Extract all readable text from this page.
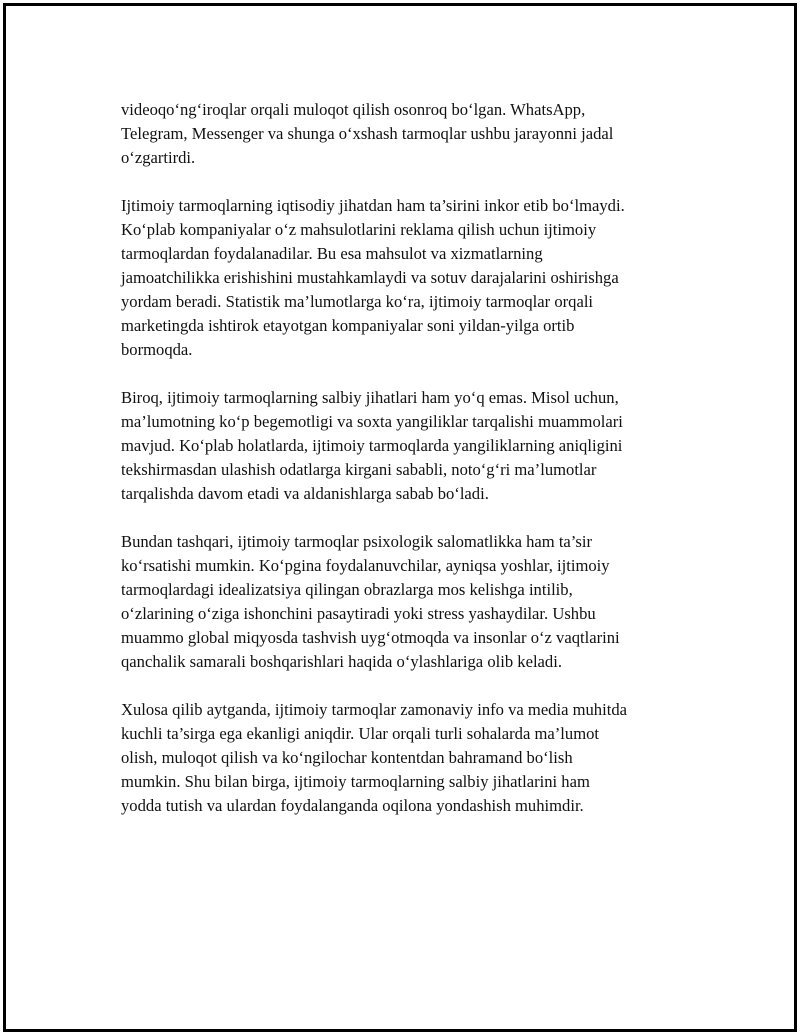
videoqo‘ng‘iroqlar orqali muloqot qilish osonroq bo‘lgan. WhatsApp,
Telegram, Messenger va shunga o‘xshash tarmoqlar ushbu jarayonni jadal
o‘zgartirdi.

Ijtimoiy tarmoqlarning iqtisodiy jihatdan ham ta’sirini inkor etib bo‘lmaydi.
Ko‘plab kompaniyalar o‘z mahsulotlarini reklama qilish uchun ijtimoiy
tarmoqlardan foydalanadilar. Bu esa mahsulot va xizmatlarning
jamoatchilikka erishishini mustahkamlaydi va sotuv darajalarini oshirishga
yordam beradi. Statistik ma’lumotlarga ko‘ra, ijtimoiy tarmoqlar orqali
marketingda ishtirok etayotgan kompaniyalar soni yildan-yilga ortib
bormoqda.

Biroq, ijtimoiy tarmoqlarning salbiy jihatlari ham yo‘q emas. Misol uchun,
ma’lumotning ko‘p begemotligi va soxta yangiliklar tarqalishi muammolari
mavjud. Ko‘plab holatlarda, ijtimoiy tarmoqlarda yangiliklarning aniqligini
tekshirmasdan ulashish odatlarga kirgani sababli, noto‘g‘ri ma’lumotlar
tarqalishda davom etadi va aldanishlarga sabab bo‘ladi.

Bundan tashqari, ijtimoiy tarmoqlar psixologik salomatlikka ham ta’sir
ko‘rsatishi mumkin. Ko‘pgina foydalanuvchilar, ayniqsa yoshlar, ijtimoiy
tarmoqlardagi idealizatsiya qilingan obrazlarga mos kelishga intilib,
o‘zlarining o‘ziga ishonchini pasaytiradi yoki stress yashaydilar. Ushbu
muammo global miqyosda tashvish uyg‘otmoqda va insonlar o‘z vaqtlarini
qanchalik samarali boshqarishlari haqida o‘ylashlariga olib keladi.

Xulosa qilib aytganda, ijtimoiy tarmoqlar zamonaviy info va media muhitda
kuchli ta’sirga ega ekanligi aniqdir. Ular orqali turli sohalarda ma’lumot
olish, muloqot qilish va ko‘ngilochar kontentdan bahramand bo‘lish
mumkin. Shu bilan birga, ijtimoiy tarmoqlarning salbiy jihatlarini ham
yodda tutish va ulardan foydalanganda oqilona yondashish muhimdir.
